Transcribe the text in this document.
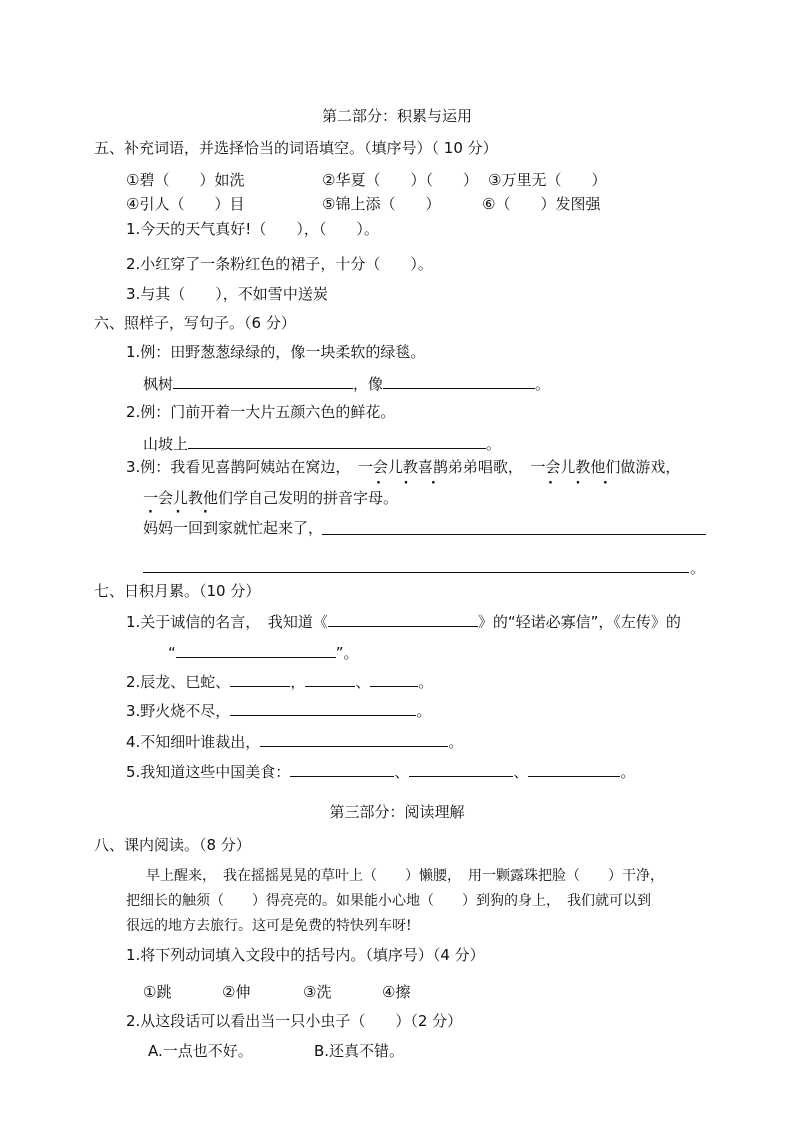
第二部分：积累与运用
五、补充词语，并选择恰当的词语填空。（填序号）（ 10 分）
①碧（　　）如洗	②华夏（　　）（　　） ③万里无（　　）
④引人（　　）目	⑤锦上添（　　）	⑥（　　）发图强
1.今天的天气真好!（　　），（　　）。
2.小红穿了一条粉红色的裙子，十分（　　）。
3.与其（　　），不如雪中送炭
六、照样子，写句子。（6 分）
1.例：田野葱葱绿绿的，像一块柔软的绿毯。
枫树	，像	。
2.例：门前开着一大片五颜六色的鲜花。
山坡上	。
3.例：我看见喜鹊阿姨站在窝边，　一会儿教喜鹊弟弟唱歌，　一会儿教他们做游戏，
· · ·	· · ·
一会儿教他们学自己发明的拼音字母。
· · ·
妈妈一回到家就忙起来了，
。
七、日积月累。（10 分）
1.关于诚信的名言，　我知道《	》的“轻诺必寡信”，《左传》的
“	”。
2.辰龙、巳蛇、	，	、	。
3.野火烧不尽，	。
4.不知细叶谁裁出，	。
5.我知道这些中国美食：	、	、	。
第三部分：阅读理解
八、课内阅读。（8 分）
早上醒来，　我在摇摇晃晃的草叶上（　　）懒腰，　用一颗露珠把脸（　　）干净，
把细长的触须（　　）得亮亮的。如果能小心地（　　）到狗的身上，　我们就可以到
很远的地方去旅行。这可是免费的特快列车呀!
1.将下列动词填入文段中的括号内。（填序号）（4 分）
①跳	②伸	③洗	④擦
2.从这段话可以看出当一只小虫子（　　）（2 分）
A.一点也不好。	B.还真不错。
